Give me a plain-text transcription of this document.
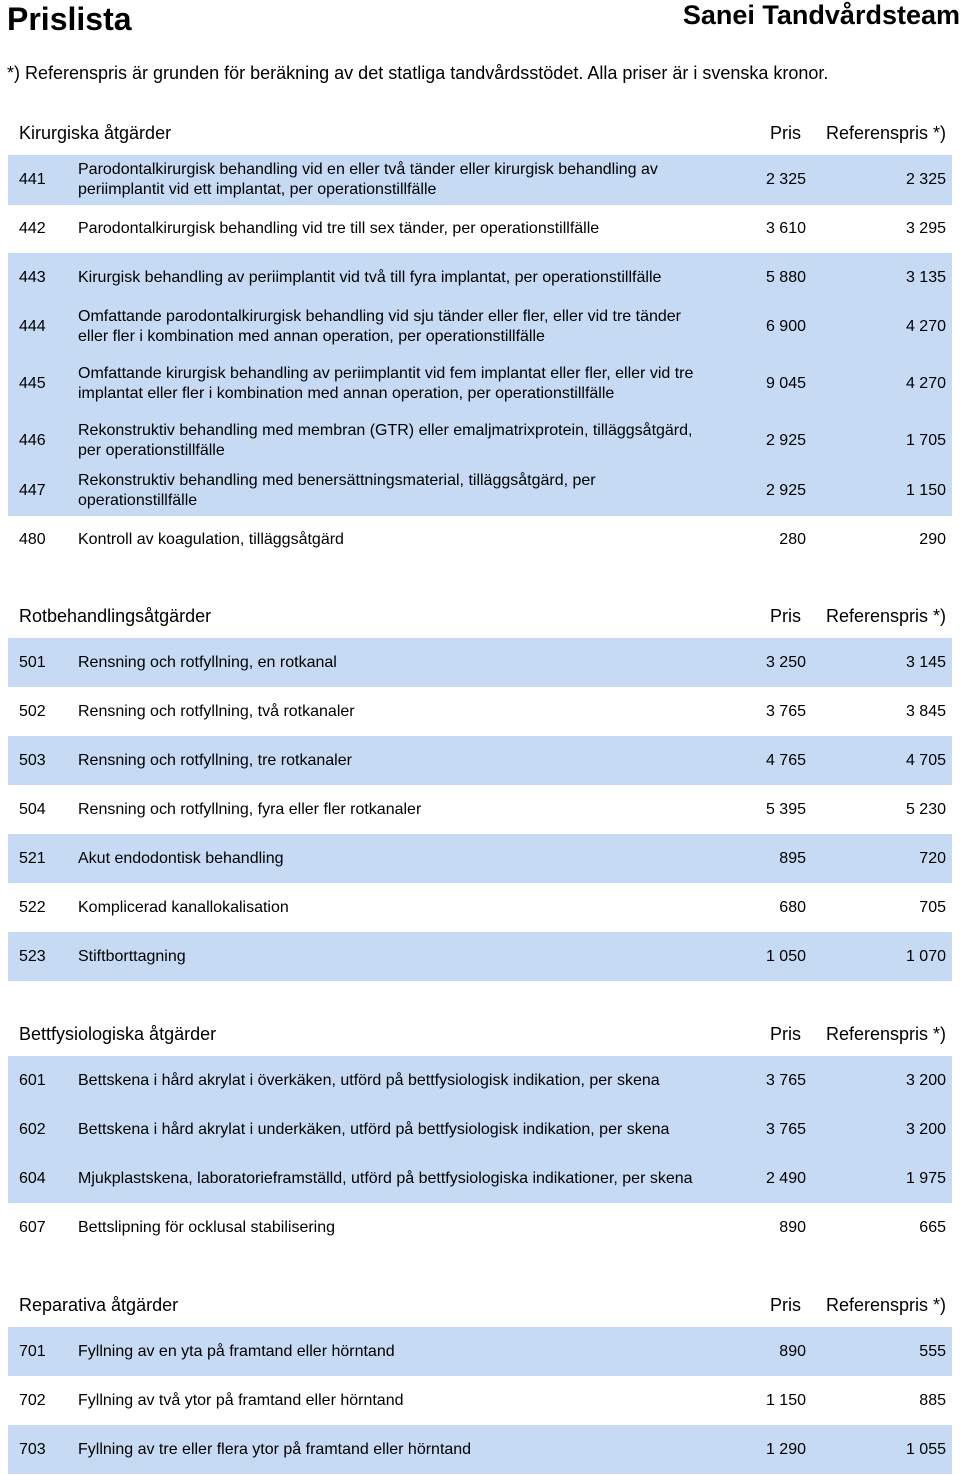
Prislista	Sanei Tandvårdsteam
*) Referenspris är grunden för beräkning av det statliga tandvårdsstödet. Alla priser är i svenska kronor.
Kirurgiska åtgärder	Pris	Referenspris *)
441	Parodontalkirurgisk behandling vid en eller två tänder eller kirurgisk behandling av periimplantit vid ett implantat, per operationstillfälle	2 325	2 325
442	Parodontalkirurgisk behandling vid tre till sex tänder, per operationstillfälle	3 610	3 295
443	Kirurgisk behandling av periimplantit vid två till fyra implantat, per operationstillfälle	5 880	3 135
444	Omfattande parodontalkirurgisk behandling vid sju tänder eller fler, eller vid tre tänder eller fler i kombination med annan operation, per operationstillfälle	6 900	4 270
445	Omfattande kirurgisk behandling av periimplantit vid fem implantat eller fler, eller vid tre implantat eller fler i kombination med annan operation, per operationstillfälle	9 045	4 270
446	Rekonstruktiv behandling med membran (GTR) eller emaljmatrixprotein, tilläggsåtgärd, per operationstillfälle	2 925	1 705
447	Rekonstruktiv behandling med benersättningsmaterial, tilläggsåtgärd, per operationstillfälle	2 925	1 150
480	Kontroll av koagulation, tilläggsåtgärd	280	290
Rotbehandlingsåtgärder	Pris	Referenspris *)
501	Rensning och rotfyllning, en rotkanal	3 250	3 145
502	Rensning och rotfyllning, två rotkanaler	3 765	3 845
503	Rensning och rotfyllning, tre rotkanaler	4 765	4 705
504	Rensning och rotfyllning, fyra eller fler rotkanaler	5 395	5 230
521	Akut endodontisk behandling	895	720
522	Komplicerad kanallokalisation	680	705
523	Stiftborttagning	1 050	1 070
Bettfysiologiska åtgärder	Pris	Referenspris *)
601	Bettskena i hård akrylat i överkäken, utförd på bettfysiologisk indikation, per skena	3 765	3 200
602	Bettskena i hård akrylat i underkäken, utförd på bettfysiologisk indikation, per skena	3 765	3 200
604	Mjukplastskena, laboratorieframställd, utförd på bettfysiologiska indikationer, per skena	2 490	1 975
607	Bettslipning för ocklusal stabilisering	890	665
Reparativa åtgärder	Pris	Referenspris *)
701	Fyllning av en yta på framtand eller hörntand	890	555
702	Fyllning av två ytor på framtand eller hörntand	1 150	885
703	Fyllning av tre eller flera ytor på framtand eller hörntand	1 290	1 055
